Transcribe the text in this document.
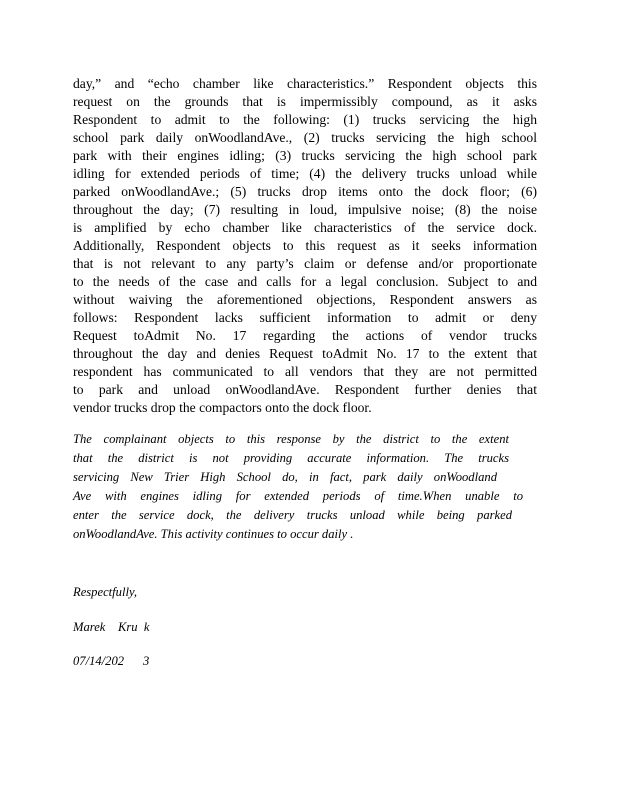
day,” and “echo chamber like characteristics.” Respondent objects this
request on the grounds that is impermissibly compound, as it asks
Respondent to admit to the following: (1) trucks servicing the high
school park daily onWoodlandAve., (2) trucks servicing the high school
park with their engines idling; (3) trucks servicing the high school park
idling for extended periods of time; (4) the delivery trucks unload while
parked onWoodlandAve.; (5) trucks drop items onto the dock floor; (6)
throughout the day; (7) resulting in loud, impulsive noise; (8) the noise
is amplified by echo chamber like characteristics of the service dock.
Additionally, Respondent objects to this request as it seeks information
that is not relevant to any party’s claim or defense and/or proportionate
to the needs of the case and calls for a legal conclusion. Subject to and
without waiving the aforementioned objections, Respondent answers as
follows: Respondent lacks sufficient information to admit or deny
Request toAdmit No. 17 regarding the actions of vendor trucks
throughout the day and denies Request toAdmit No. 17 to the extent that
respondent has communicated to all vendors that they are not permitted
to park and unload onWoodlandAve. Respondent further denies that
vendor trucks drop the compactors onto the dock floor.
The complainant objects to this response by the district to the extent
that the district is not providing accurate information. The trucks
servicing New Trier High School do, in fact, park daily onWoodland
Ave with engines idling for extended periods of time.When unable to
enter the service dock, the delivery trucks unload while being parked
onWoodlandAve. This activity continues to occur daily .
Respectfully,
Marek    Kru  k
07/14/202      3
